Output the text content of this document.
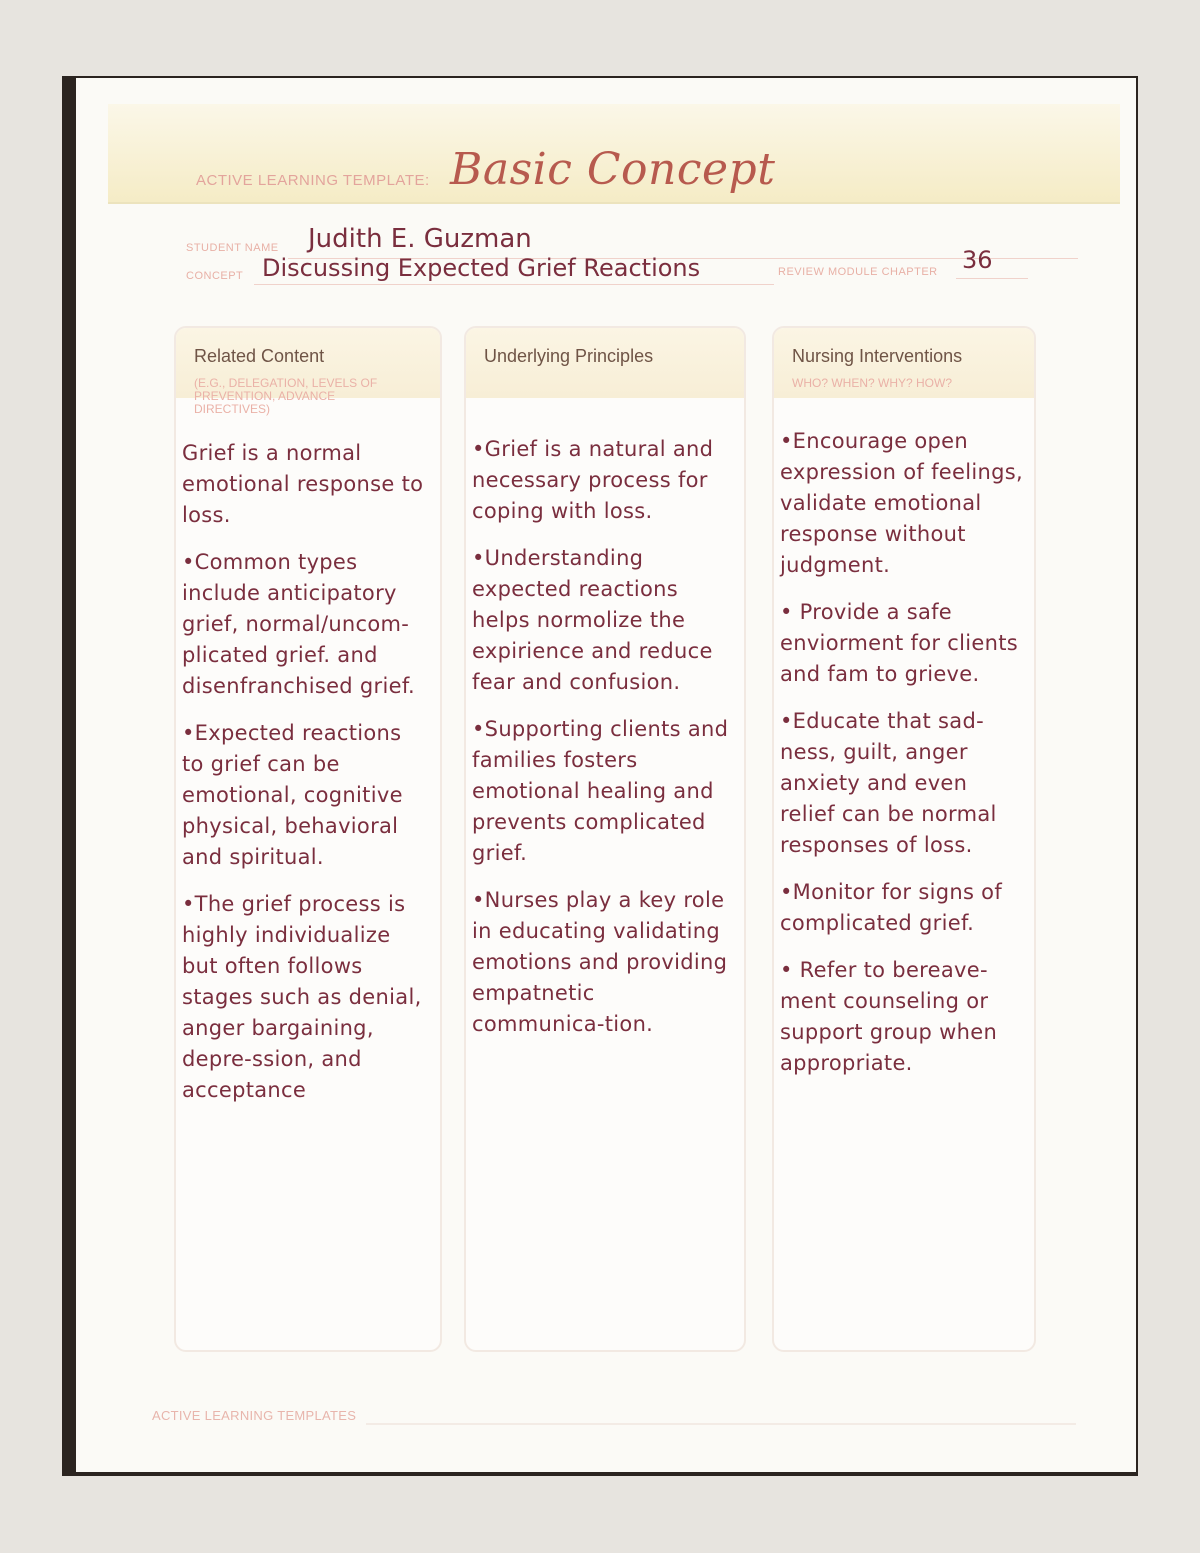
ACTIVE LEARNING TEMPLATE: Basic Concept
STUDENT NAME Judith E. Guzman
CONCEPT Discussing Expected Grief Reactions	REVIEW MODULE CHAPTER 36
Related Content
(E.G., DELEGATION, LEVELS OF PREVENTION, ADVANCE DIRECTIVES)
Grief is a normal emotional response to loss.
•Common types include anticipatory grief, normal/uncom-plicated grief. and disenfranchised grief.
•Expected reactions to grief can be emotional, cognitive physical, behavioral and spiritual.
•The grief process is highly individualize but often follows stages such as denial, anger bargaining, depre-ssion, and acceptance
Underlying Principles
•Grief is a natural and necessary process for coping with loss.
•Understanding expected reactions helps normolize the expirience and reduce fear and confusion.
•Supporting clients and families fosters emotional healing and prevents complicated grief.
•Nurses play a key role in educating validating emotions and providing empatnetic communica-tion.
Nursing Interventions
WHO? WHEN? WHY? HOW?
•Encourage open expression of feelings, validate emotional response without judgment.
• Provide a safe enviorment for clients and fam to grieve.
•Educate that sad-ness, guilt, anger anxiety and even relief can be normal responses of loss.
•Monitor for signs of complicated grief.
• Refer to bereave-ment counseling or support group when appropriate.
ACTIVE LEARNING TEMPLATES
